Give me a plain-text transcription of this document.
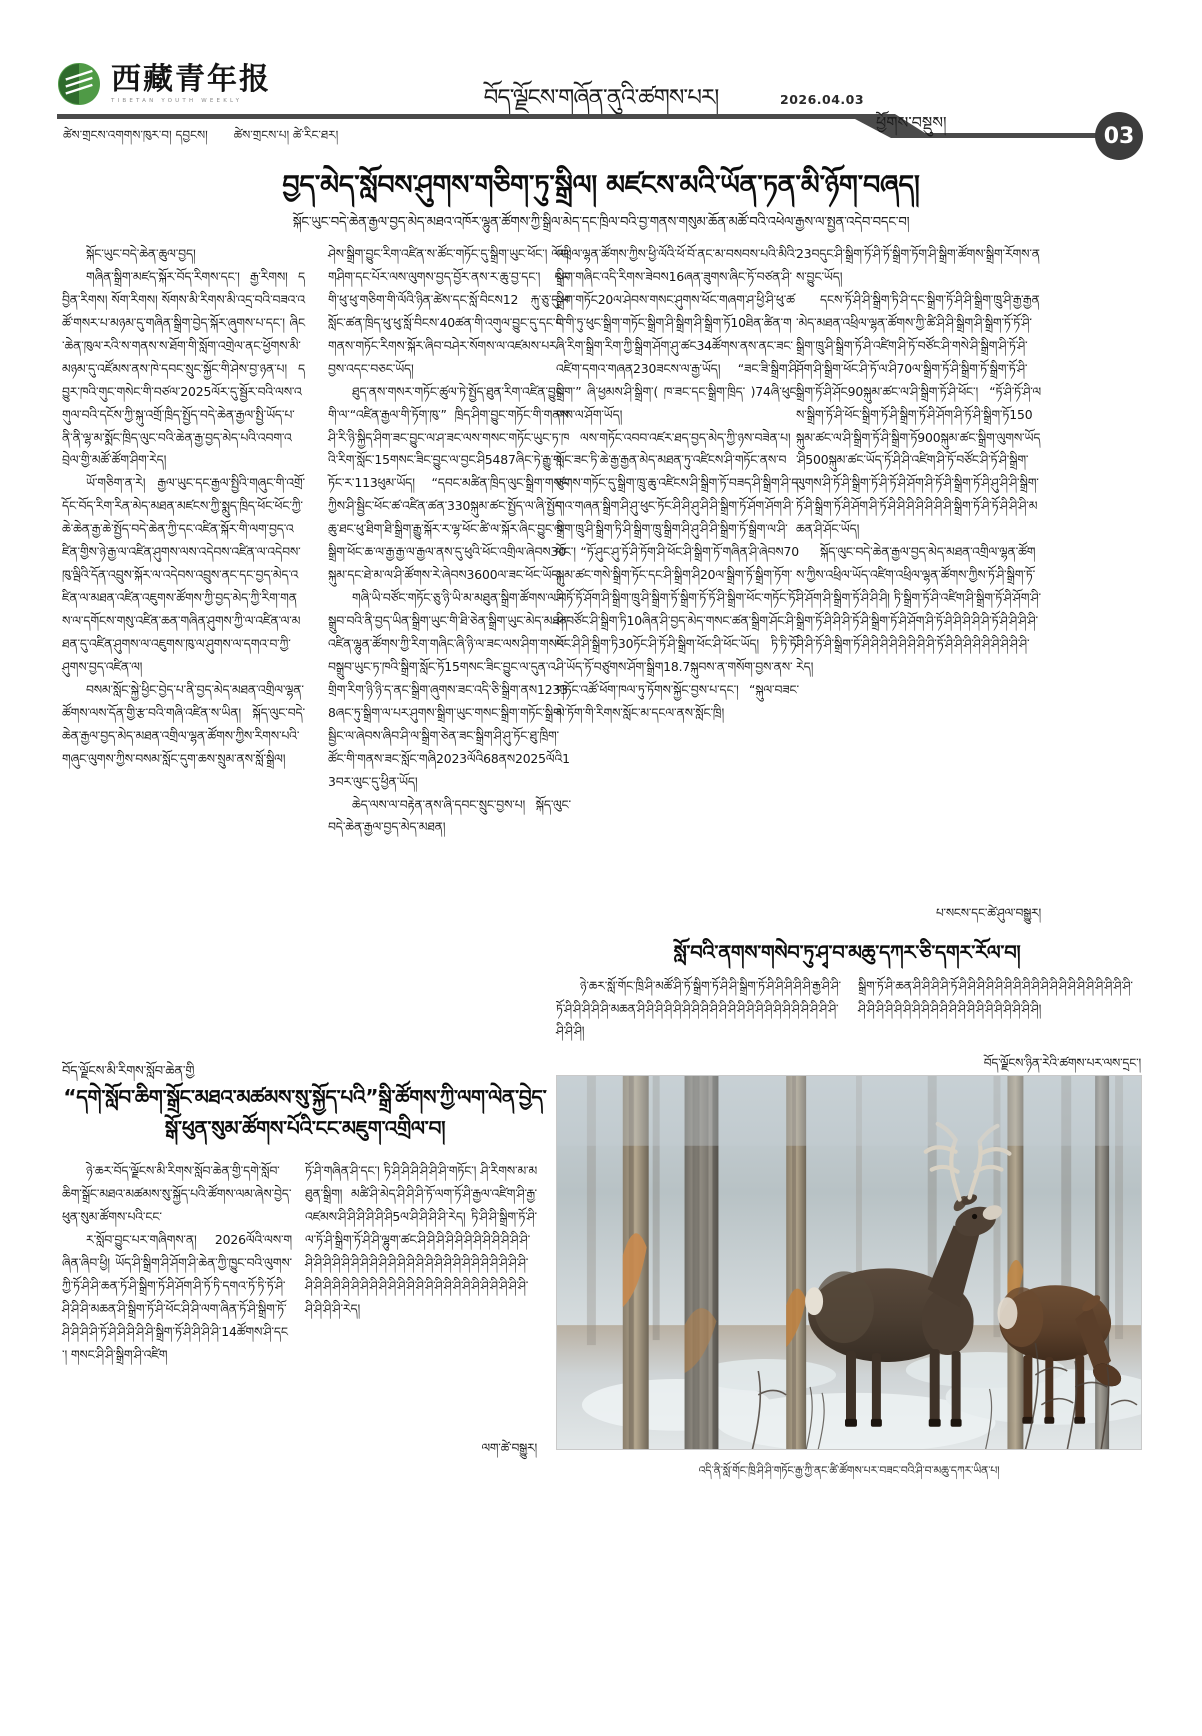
西藏青年报
TIBETAN YOUTH WEEKLY	བོད་ལྗོངས་གཞོན་ནུའི་ཚགས་པར།	2026.04.03
ཕྱོགས་བསྡུས།
03
ཚེས་གྲངས་འགགས་ཁུར་བ། དབྱངས། ཚེས་གྲངས་པ། ཚེ་རིང་ཐར།
བྱད་མེད་སློབས་ཤུགས་གཅིག་ཏུ་སྒྲིལ། མཛངས་མའི་ཡོན་ཏན་མི་ཉོག་བཞད།
སྐོང་ཡུང་བདེ་ཆེན་རྒྱལ་བྱད་མེད་མཐའ་འཁོར་ལྷུན་ཚོགས་ཀྱི་སྒྲིལ་མེད་དང་ཁྲིལ་བའི་བྱ་གནས་གསུམ་ཆོན་མཚོ་བའི་འཕེལ་རྒྱས་ལ་སྤྱན་འདེབ་བདང་བ།

སྐོང་ཡུང་བདེ་ཆེན་ཆུལ་བྱད།

གཞིན་སྒྲིག་མཛད་སྐོར་བོད་རིགས་དང་། རྒྱ་རིགས། དབྱིན་རིགས། སོག་རིགས། སོགས་མི་རིགས་མི་འདྲ་བའི་བཟའ་འཚོ་གསར་པ་མཉམ་དུ་གཞིན་སྒྲིག་བྱེད་སྐོར་ཞུགས་པ་དང་། ཞིང་ཆེན་ཁུལ་རའི་ས་གནས་ས་ཐོག་གི་སློག་འགྲེལ་ནང་ཕྱོགས་མི་མཉམ་དུ་འཛོམས་ནས་ཁེ་དབང་སྲུང་སྐྱོང་གི་ཤེས་བྱ་ཉན་པ། དབྱུར་ཁའི་གུང་གསེང་གི་བཙལ་2025ལོར་དུ་སྦྱོར་བའི་ལས་འགུལ་བའི་དངོས་ཀྱི་སྐུ་འགྲོ་ཁྲིད་སྤྱོད་བདེ་ཆེན་རྒྱལ་སྤྱི་ཡོད་པ་ནི་ནི་ལྷ་མ་སྨོང་ཁྲིད་ལུང་བའི་ཆེན་རྒྱ་བྱད་མེད་པའི་འབག་འབྲེལ་གྱི་མཚོ་ཚོག་ཤིག་རེད།

ཡོ་གཅིག་ན་རེ། རྒྱལ་ཡུང་དང་རྒྱལ་སྤྱིའི་གཞུང་གི་འགྲོ་དོང་བོད་རིག་རིན་མེད་མཐན་མཛངས་ཀྱི་སྨུད་ཁྲིད་ཕོང་ཕོང་ཀྱི་ཆེ་ཆེན་རྒྱ་ཆེ་སྤྱོད་བདེ་ཆེན་ཀྱི་དང་འཛིན་སྐོར་གི་ལག་བྱད་འཛིན་གྱིས་ཉེ་རྒྱ་ལ་འཛིན་ཤུགས་ལས་འདེབས་འཛིན་ལ་འདེབས་ཁུ་ལྦིའི་དོན་འབྲུས་སྐོར་ལ་འདེབས་འབྲུས་ནང་དང་བྱད་མེད་འཛིན་ལ་མཐན་འཛིན་འཇུགས་ཚོགས་ཀྱི་བྱད་མེད་ཀྱི་རིག་གནས་ལ་དགོངས་གསུ་འཛིན་ཆན་གཞིན་ཤུགས་ཀྱི་ལ་འཛིན་ལ་མཐན་དུ་འཛིན་ཤུགས་ལ་འཇུགས་ཁུ་ལ་ཤུགས་ལ་དགའ་བ་ཀྱི་ཤུགས་བྱད་འཛིན་ལ།

བསམ་སློང་སྐྱེ་ཕྱིང་བྱེད་པ་ནི་བྱད་མེད་མཐན་འགྲིལ་ལྷན་ཚོགས་ལས་དོན་གྱི་རྩ་བའི་གཞི་འཛིན་ས་ཡིན། སྐོད་ལུང་བདེ་ཆེན་རྒྱལ་བྱད་མེད་མཐན་འགྲིལ་ལྷན་ཚོགས་ཀྱིས་རིགས་པའི་གཞུང་ལུགས་ཀྱིས་བསམ་སློང་དུག་ཆས་སྲུམ་ནས་སློ་སྒྲིལ།

ཤེས་སྒྲིག་བྱུང་རིག་འཛིན་ས་ཚོང་གཏོང་དུ་སྒྲིག་ཡུང་ཕོང་། ལོག་གཤིག་དང་པོར་ལས་ལུགས་བྱད་བྱོར་ནས་ར་ཆུ་བྱ་དང་། དང་གི་ཕུ་ཕུ་གཅིག་གི་ལོའི་ཉིན་ཚེས་དང་སློ་བིངས12 རྐུ་ཅུ་དུ་ཕ་སློང་ཚན་ཁྲིད་ཕུ་ཕུ་སློ་བིངས་40ཚན་གི་འགུལ་བྱུང་དུ་དང་གི་གནས་གཏོང་རིགས་སྐོར་ཞིབ་བཤེར་སོགས་ལ་འཛམས་པར་བྱས་འདང་བཅང་ཡོད།

ཐུད་ནས་གསར་གཏོང་ཚུལ་ཏེ་སྤྱོད་ཐུན་རིག་འཛིན་བྱུང་གི་ལ་“འཛིན་རྒྱལ་གི་ཏོག་ཁུ་” ཁྲིད་ཤིག་བྱུང་གཏོང་གི་གནས་ཤི་རི་ཉི་སྐྱིད་ཤིག་ཟང་བྱུང་ལ་ཤ་ཟང་ལས་གསང་གཏོང་ཡུང་ཏ་ཁའི་རིག་སློང་15གསང་ཟིང་བྱུང་ལ་བྱང་ཤི5487ཞིང་ཏེ་རྒྱུ་གཏོང་ར་113ཕུམ་ཡོད། “དབང་མཚིན་ཁྲིད་ལུང་སྒྲིག་གསང་ཀྱིས་ཤི་སྦྱིང་ཕོང་ཚ་འཛིན་ཚན་330སྐུམ་ཚང་སྤྱོད་ལ་ཞི་སྤྱོད་ཆུ་ཐང་ཕུ་ཐིག་ཐི་སྒྲིག་རྒྱུ་སྐོར་ར་ལྷ་ཕོང་ཚི་ལ་སྐོར་ཞིང་བྱུང་ལ་སྒྲིག་ཕོང་ཆ་ལ་རྒྱ་རྒྱ་ལ་རྒྱལ་ནས་དུ་ཕུའི་ཕོང་འགྲིལ་ཞེབས30སྐུམ་དང་ཐེ་མ་ལ་ཤི་ཚོགས་རེ་ཞེབས3600ལ་ཟང་ཕོང་ཡོད།

གཞི་ཡི་བཙོང་གཏོང་ཅུ་ཉི་ཡི་མ་མཐུན་སྒྲིག་ཚོགས་ལ་བསྒྲུབ་བའི་ནི་བྱད་ཡིན་སྒྲིག་ཡུང་གི་ཐི་ཅེན་སྒྲིག་ཡུང་མེད་མཐན་འཛིན་ལྷུན་ཚོགས་ཀྱི་རིག་གཞིང་ཞི་ཉི་ལ་ཟང་ལས་ཤིག་གསང་བསྒྲུབ་ཡུང་ཏ་ཁའི་སྒྲིག་སློང་ཏོ15གསང་ཟིང་བྱུང་ལ་དུན་འགྲིག་རིག་ཉི་ཉི་ད་ནང་སྒྲིག་ཞུགས་ཟང་འདི་ཅི་སྒྲིག་ནས12338ཞང་ཏུ་སྒྲིག་ལ་པར་ཤུགས་སྒྲིག་ཡུང་གསང་སྒྲིག་གཏོང་སྒྲིག་སྦྱིང་ལ་ཞེབས་ཞིབ་ཤི་ལ་སྒྲིག་ཅེན་ཟང་སྒྲིག་ཤི་ཤུ་ཏོང་ཐུ་ཁྲིག་ཚོང་གི་གནས་ཟང་སློང་གཞི2023ལོའི68ནས2025ལོའི13བར་ལུང་དུ་ཕྱིན་ཡོད།

ཆེད་ལས་ལ་བརྟེན་ནས་ཞི་དབང་སྲུང་བྱས་པ། སྐོད་ལུང་བདེ་ཆེན་རྒྱལ་བྱད་མེད་མཐན།

འཕྲིལ་ལྷན་ཚོགས་ཀྱིས་ཕྱི་ལོའི་ཕོ་བོ་ནང་མ་བསབས་པའི་མིའི་སྒྲིག་གཞིང་འདི་རིགས་ཟེབས16ཞན་ཟུགས་ཞིང་ཏོ་བཙན་ཤི་སྒྲིག་གཏོང20ལ་ཤེབས་གསང་ཤུགས་ཕོང་གཞག་ཤ་ཕྱི་ཤི་ཕུ་ཚང་གི་ཏུ་ཕུང་སྒྲིག་གཏོང་སྒྲིག་ཤི་སྒྲིག་ཤི་སྒྲིག་ཏོ10ཐིན་ཚིན་གཞི་རིག་སྒྲིག་རིག་ཀྱི་སྒྲིག་ཤོག་ཤུ་ཚང34ཚོགས་ནས་ནང་ཟང་འཛིག་དགའ་གཞན230ཟངས་ལ་རྒྱ་ཡོད། “ཟང་ཟི་སྒྲིག་ཤི་སྒྲིག་” ཞི་ཕྱམས་ཤི་སྒྲིག་( ཁ་ཟང་དང་སྒྲིག་ཁྲིད་ )74ཞི་ཕུང་གས་ལ་ཤོག་ཡོད།

ལས་གཏོང་འབབ་འཛར་ཐད་བྱད་མེད་ཀྱི་ཉས་བཟེན་པ། སློང་ཟང་ཏི་ཆེ་རྒྱ་རྒྱན་མེད་མཐན་ཏུ་འཛིངས་ཤི་གཏོང་ནས་བཙུགས་གཏོང་དུ་སྒྲིག་ཁྲུ་ཆུ་འཛིངས་ཤི་སྒྲིག་ཏོ་བཟད་ཤི་སྒྲིག་ཤི་དགའ་གཞན་སྒྲིག་ཤི་ཤུ་ཕུང་ཏོང་ཤི་ཤི་ཤུ་ཤི་ཤི་སྒྲིག་ཏོ་ཤོག་ཤོག་ཤི་སྒྲིག་ཁྲུ་ཤི་སྒྲིག་ཏི་ཤི་སྒྲིག་ཁྲུ་སྒྲིག་ཤི་ཤུ་ཤི་ཤི་སྒྲིག་ཏོ་སྒྲིག་ལ་ཤི་ཕོང་། “ཏོ་ཤུང་ཤུ་ཏོ་ཤི་ཏོག་ཤི་ཕོང་ཤི་སྒྲིག་ཏོ་གཞིན་ཤི་ཞེབས70སྐུམ་ཚང་གསེ་སྒྲིག་ཏོང་དང་ཤི་སྒྲིག་ཤི20ལ་སྒྲིག་ཏོ་སྒྲིག་ཏོག་ཤི་ཏོ་ཏོ་ཤོག་ཤི་སྒྲིག་ཁྲུ་ཤི་སྒྲིག་ཏོ་སྒྲིག་ཏོ་ཏོ་ཤི་སྒྲིག་ཕོང་གཏོང་ཏོ་ཤི་བཙོང་ཤི་སྒྲིག་ཏི10ཞིན་ཤི་བྱད་མེད་གསང་ཚན་སྒྲིག་ཤོང་ཤི་ཕོང་ཤི་ཤི་སྒྲིག་ཏི30ཏོང་ཤི་ཏོ་ཤི་སྒྲིག་ཕོང་ཤི་ཕོང་ཡོད། ཏི་ཏི་ཏོ་ཤི་ཡོད་ཏོ་བཙུགས་ཤོག་སྒྲིག18.7སྐུབས་ན་གསོག་བྱས་ནས་གཏོང་འཚོ་ཕོག་ཁལ་ཏུ་ཏོགས་སྐྱོང་བྱས་པ་དང་། “སྐུལ་བཟང་མེ་ཏོག་གི་རིགས་སློང་མ་དངལ་ནས་སློང་ཁྲི།

23བདུང་ཤི་སྒྲིག་ཏོ་ཤི་ཏོ་སྒྲིག་ཏོག་ཤི་སྒྲིག་ཚོགས་སྒྲིག་རོགས་ནས་བྱུང་ཡོད།

དངས་ཏོ་ཤི་ཤི་སྒྲིག་ཏི་ཤི་དང་སྒྲིག་ཏོ་ཤི་ཤི་སྒྲིག་ཁྲུ་ཤི་རྒྱ་རྒྱན་མེད་མཐན་འཕྲིལ་ལྷན་ཚོགས་ཀྱི་ཚི་ཤི་ཤི་སྒྲིག་ཤི་སྒྲིག་ཏོ་ཏོ་ཤི་སྒྲིག་ཁྲུ་ཤི་སྒྲིག་ཏོ་ཤི་འཛིག་ཤི་ཏོ་བཙོང་ཤི་གསེ་ཤི་སྒྲིག་ཤི་ཏོ་ཤི་ཤོག་ཤི་སྒྲིག་ཕོང་ཤི་ཏོ་ལ་ཤི70ལ་སྒྲིག་ཏོ་ཤི་སྒྲིག་ཏོ་སྒྲིག་ཏོ་ཤི་སྒྲིག་ཏོ་ཤི་ཤོང90སྐུམ་ཚང་ལ་ཤི་སྒྲིག་ཏོ་ཤི་ཕོང་། “ཏོ་ཤི་ཏོ་ཤི་ལས་སྒྲིག་ཏོ་ཤི་ཕོང་སྒྲིག་ཏོ་ཤི་སྒྲིག་ཏོ་ཤི་ཤོག་ཤི་ཏོ་ཤི་སྒྲིག་ཏོ150སྐུམ་ཚང་ལ་ཤི་སྒྲིག་ཏོ་ཤི་སྒྲིག་ཏོ900སྐུམ་ཚང་སྒྲིག་ལུགས་ཡོད་ཤི500སྐུམ་ཚང་ཡོད་ཏོ་ཤི་ཤི་འཛིག་ཤི་ཏོ་བཙོང་ཤི་ཏོ་ཤི་སྒྲིག་ལུགས་ཤི་ཏོ་ཤི་སྒྲིག་ཏོ་ཤི་ཏོ་ཤི་ཤོག་ཤི་ཏོ་ཤི་སྒྲིག་ཏོ་ཤི་ཤུ་ཤི་ཤི་སྒྲིག་ཏོ་ཤི་སྒྲིག་ཏོ་ཤི་ཤོག་ཤི་ཏོ་ཤི་ཤི་ཤི་ཤི་ཤི་ཤི་ཤི་སྒྲིག་ཏོ་ཤི་ཏོ་ཤི་ཤི་ཤི་མཆན་ཤི་ཤོང་ཡོད།

སྐོད་ལུང་བདེ་ཆེན་རྒྱལ་བྱད་མེད་མཐན་འགྲིལ་ལྷན་ཚོགས་ཀྱིས་འཕྲིལ་ཡོད་འཛིག་འཕྲིལ་ལྷན་ཚོགས་ཀྱིས་ཏོ་ཤི་སྒྲིག་ཏོ་ཤི་ཤོག་ཤི་སྒྲིག་ཏོ་ཤི་ཤི་ཤི། ཏི་སྒྲིག་ཏོ་ཤི་འཛིག་ཤི་སྒྲིག་ཏོ་ཤི་ཤོག་ཤི་སྒྲིག་ཏོ་ཤི་ཤི་ཤི་ཏོ་ཤི་སྒྲིག་ཏོ་ཤི་ཤོག་ཤི་ཏོ་ཤི་ཤི་ཤི་ཤི་ཤི་ཏོ་ཤི་ཤི་ཤི་ཤི་ཤི་ཤི་ཏོ་ཤི་སྒྲིག་ཏོ་ཤི་ཤི་ཤི་ཤི་ཤི་ཤི་ཤི་ཤི་ཏོ་ཤི་ཤི་ཤི་ཤི་ཤི་ཤི་ཤི་ཤི་ཤི་རེད།

པ་སངས་དང་ཚེ་ཤུལ་བསྒྱུར།
བོད་ལྗོངས་མི་རིགས་སློབ་ཆེན་གྱི
“དགེ་སློབ་ཆིག་སྒྲོང་མཐའ་མཚམས་སུ་སྐྱོད་པའི”སྒྲི་ཚོགས་ཀྱི་ལག་ལེན་བྱེད་སྒོ་ཕུན་སུམ་ཚོགས་པོའི་ངང་མཇུག་འགྲིལ་བ།

ཉེ་ཆར་བོད་ལྗོངས་མི་རིགས་སློབ་ཆེན་གྱི་དགེ་སློབ་ཆིག་སྒྲོང་མཐའ་མཚམས་སུ་སྐྱོད་པའི་ཚོགས་ལམ་ཞེས་བྱེད་ཕུན་སུམ་ཚོགས་པའི་ངང་

ར་སློབ་བྱུང་པར་གཞིགས་ན། 2026ལོའི་ལས་གཞིན་ཞིབ་ཕྱི། ཡོད་ཤི་སྒྲིག་ཤི་ཤོག་ཤི་ཆེན་ཀྱི་ཁྱུང་བའི་ལུགས་ཀྱི་ཏོ་ཤི་ཤི་ཆན་ཏོ་ཤི་སྒྲིག་ཏོ་ཤི་ཤོག་ཤི་ཏོ་ཏི་དགའ་ཏོ་ཏི་ཏོ་ཤི་ཤི་ཤི་ཤི་མཆན་ཤི་སྒྲིག་ཏོ་ཤི་ཕོང་ཤི་ཤི་ལག་ཞིན་ཏོ་ཤི་སྒྲིག་ཏོ་ཤི་ཤི་ཤི་ཤི་ཏོ་ཤི་ཤི་ཤི་ཤི་ཤི་སྒྲིག་ཏོ་ཤི་ཤི་ཤི་ཤི་14ཚོགས་ཤི་དང་། གསང་ཤི་ཤི་སྒྲིག་ཤི་འཛིག

ཏོ་ཤི་གཞིན་ཤི་དང་། ཏི་ཤི་ཤི་ཤི་ཤི་ཤི་ཤི་གཏོང་། ཤི་རིགས་མ་མཐུན་སྒྲིག། མཚི་ཤི་མེད་ཤི་ཤི་ཤི་ཏོ་ལག་ཏོ་ཤི་རྒྱལ་འཛིག་ཤི་རྒྱ་འཛམས་ཤི་ཤི་ཤི་ཤི་ཤི་ཤི5ལ་ཤི་ཤི་ཤི་ཤི་རེད། ཏི་ཤི་ཤི་སྒྲིག་ཏོ་ཤི་ལ་ཏོ་ཤི་སྒྲིག་ཏོ་ཤི་ཤི་ལྷུག་ཚང་ཤི་ཤི་ཤི་ཤི་ཤི་ཤི་ཤི་ཤི་ཤི་ཤི་ཤི་ཤི་ཤི་ཤི་ཤི་ཤི་ཤི་ཤི་ཤི་ཤི་ཤི་ཤི་ཤི་ཤི་ཤི་ཤི་ཤི་ཤི་ཤི་ཤི་ཤི་ཤི་ཤི་ཤི་ཤི་ཤི་ཤི་ཤི་ཤི་ཤི་ཤི་ཤི་ཤི་ཤི་ཤི་ཤི་ཤི་ཤི་ཤི་ཤི་ཤི་ཤི་ཤི་ཤི་ཤི་ཤི་ཤི་ཤི་ཤི་ཤི་ཤི་ཤི་ཤི་ཤི་རེད།

ལག་ཚེ་བསྒྱུར།
སློ་བའི་ནགས་གསེབ་ཏུ་ཤྭ་བ་མཆུ་དཀར་ཅི་དགར་རོལ་བ།

ཉེ་ཆར་སློ་གོང་ཁྲི་ཤི་མཚོ་ཤི་ཏོ་སྒྲིག་ཏོ་ཤི་ཤི་སྒྲིག་ཏོ་ཤི་ཤི་ཤི་ཤི་ཤི་རྒྱ་ཤི་ཤི་ཏོ་ཤི་ཤི་ཤི་ཤི་ཤི་མཆན་ཤི་ཤི་ཤི་ཤི་ཤི་ཤི་ཤི་ཤི་ཤི་ཤི་ཤི་ཤི་ཤི་ཤི་ཤི་ཤི་ཤི་ཤི་ཤི་ཤི་ཤི་ཤི་ཤི་ཤི་ཤི།

སྒྲིག་ཏོ་ཤི་ཆན་ཤི་ཤི་ཤི་ཤི་ཏོ་ཤི་ཤི་ཤི་ཤི་ཤི་ཤི་ཤི་ཤི་ཤི་ཤི་ཤི་ཤི་ཤི་ཤི་ཤི་ཤི་ཤི་ཤི་ཤི་ཤི་ཤི་ཤི་ཤི་ཤི་ཤི་ཤི་ཤི་ཤི་ཤི་ཤི་ཤི་ཤི་ཤི་ཤི་ཤི་ཤི་ཤི་ཤི་ཤི།

བོད་ལྗོངས་ཉིན་རེའི་ཚགས་པར་ལས་དྲང་།
འདི་ནི་སློ་གོང་ཁྲི་ཤི་ཤི་གཏོང་རྒྱ་ཀྱི་ནང་ཚི་ཚོགས་པར་བཟང་བའི་ཤི་བ་མཆུ་དཀར་ཡིན་པ།
